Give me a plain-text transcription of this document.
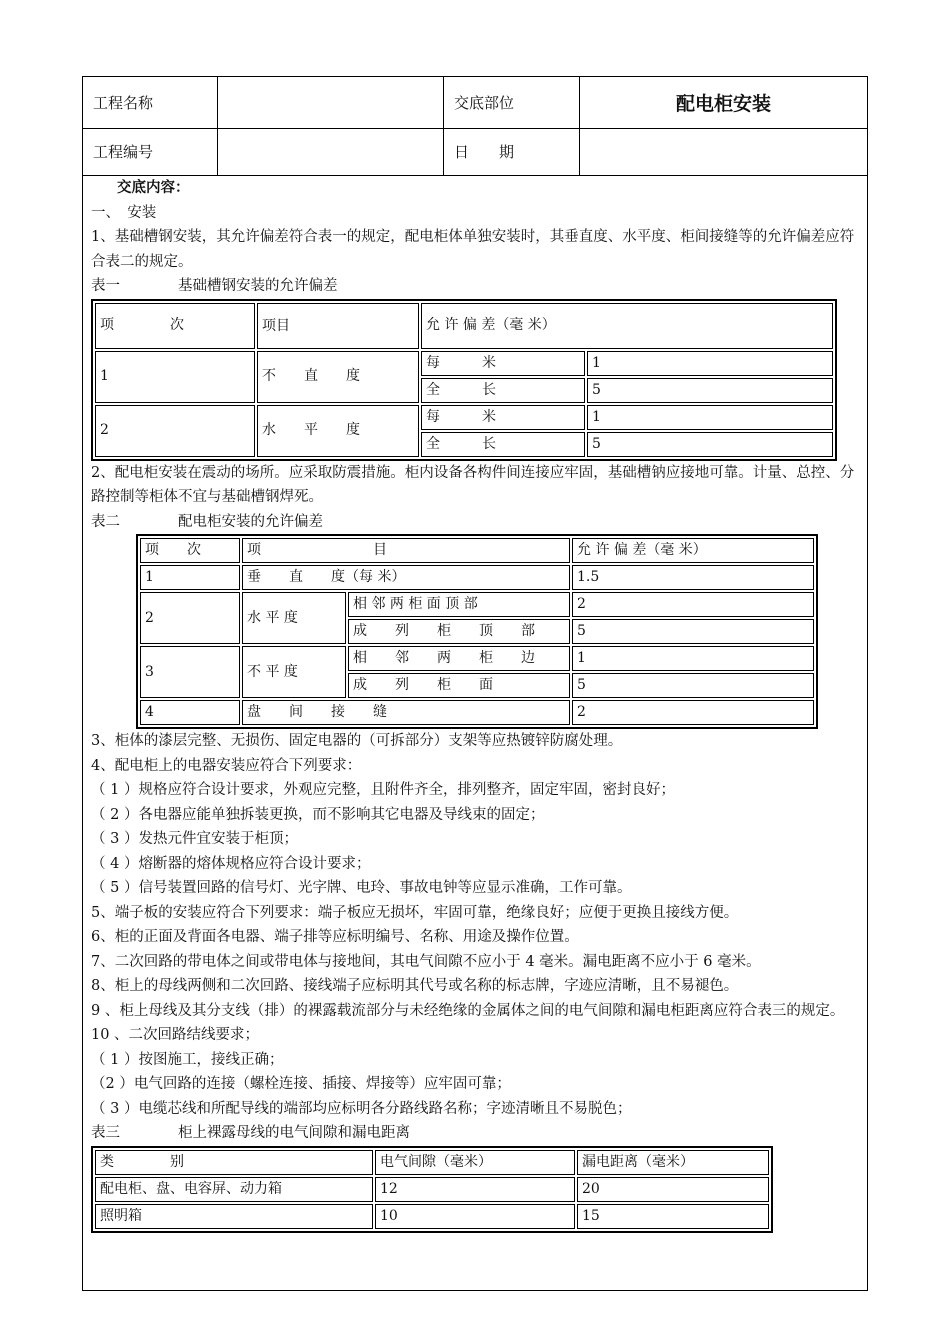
工程名称	交底部位	配电柜安装
工程编号	日　　期
交底内容：
一、　安装
1、基础槽钢安装，其允许偏差符合表一的规定，配电柜体单独安装时，其垂直度、水平度、柜间接缝等的允许偏差应符合表二的规定。
表一	基础槽钢安装的允许偏差
项　　　　次	项目	允 许 偏 差（毫 米）	
1	不　　直　　度	每　　　米	1
		全　　　长	5
2	水　　平　　度	每　　　米	1
		全　　　长	5
2、配电柜安装在震动的场所。应采取防震措施。柜内设备各构件间连接应牢固，基础槽钠应接地可靠。计量、总控、分路控制等柜体不宜与基础槽钢焊死。
表二	配电柜安装的允许偏差
项　　次	项　　　　　　　　目		允 许 偏 差（毫 米）
1	垂　　直　　度（每 米）		1.5
2	水 平 度	相 邻 两 柜 面 顶 部	2
		成　　列　　柜　　顶　　部	5
3	不 平 度	相　　邻　　两　　柜　　边	1
		成　　列　　柜　　面	5
4	盘　　间　　接　　缝		2
3、柜体的漆层完整、无损伤、固定电器的（可拆部分）支架等应热镀锌防腐处理。
4、配电柜上的电器安装应符合下列要求：
（ 1 ）规格应符合设计要求，外观应完整，且附件齐全，排列整齐，固定牢固，密封良好；
（ 2 ）各电器应能单独拆装更换，而不影响其它电器及导线束的固定；
（ 3 ）发热元件宜安装于柜顶；
（ 4 ）熔断器的熔体规格应符合设计要求；
（ 5 ）信号装置回路的信号灯、光字牌、电玲、事故电钟等应显示准确，工作可靠。
5、端子板的安装应符合下列要求：端子板应无损坏，牢固可靠，绝缘良好；应便于更换且接线方便。
6、柜的正面及背面各电器、端子排等应标明编号、名称、用途及操作位置。
7、二次回路的带电体之间或带电体与接地间，其电气间隙不应小于 4 毫米。漏电距离不应小于 6 毫米。
8、柜上的母线两侧和二次回路、接线端子应标明其代号或名称的标志牌，字迹应清晰，且不易褪色。
9 、柜上母线及其分支线（排）的裸露载流部分与未经绝缘的金属体之间的电气间隙和漏电柜距离应符合表三的规定。
10 、二次回路结线要求；
（ 1 ）按图施工，接线正确；
（2 ）电气回路的连接（螺栓连接、插接、焊接等）应牢固可靠；
（ 3 ）电缆芯线和所配导线的端部均应标明各分路线路名称；字迹清晰且不易脱色；
表三	柜上裸露母线的电气间隙和漏电距离
类　　　　别	电气间隙（毫米）	漏电距离（毫米）
配电柜、盘、电容屏、动力箱	12	20
照明箱	10	15
